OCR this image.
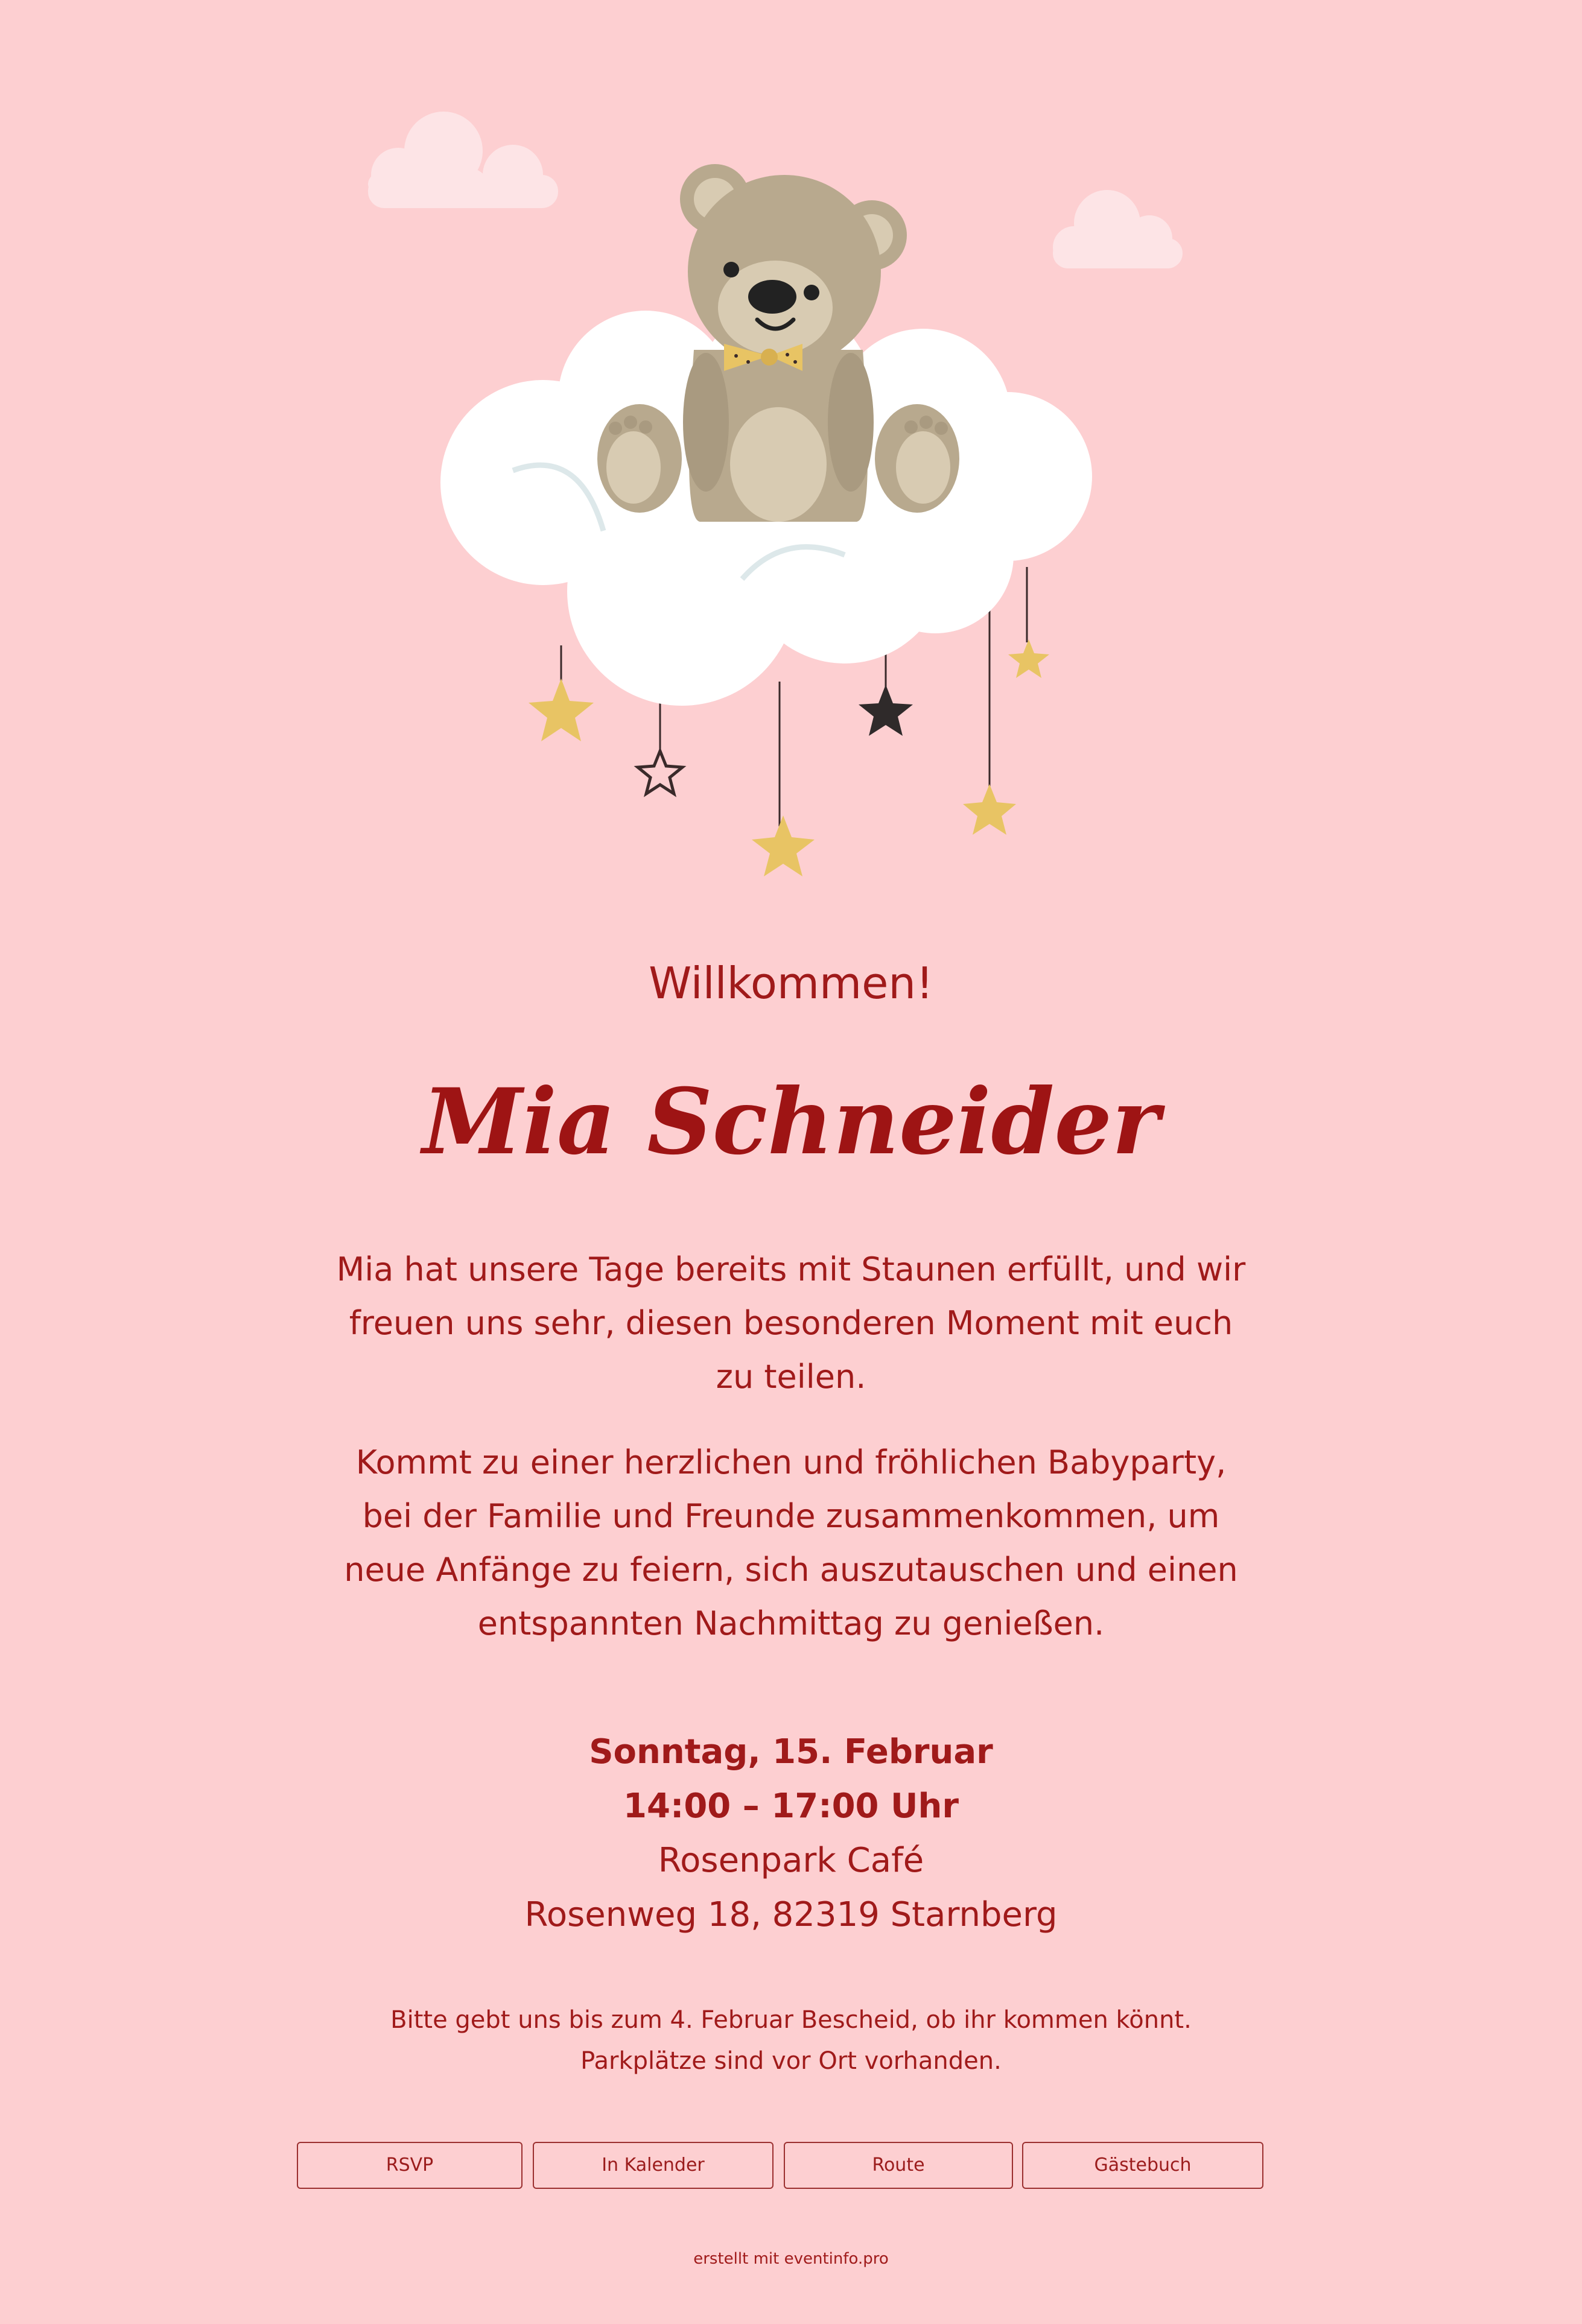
Willkommen!
Mia Schneider
Mia hat unsere Tage bereits mit Staunen erfüllt, und wir freuen uns sehr, diesen besonderen Moment mit euch zu teilen.
Kommt zu einer herzlichen und fröhlichen Babyparty, bei der Familie und Freunde zusammenkommen, um neue Anfänge zu feiern, sich auszutauschen und einen entspannten Nachmittag zu genießen.
Sonntag, 15. Februar
14:00 – 17:00 Uhr
Rosenpark Café
Rosenweg 18, 82319 Starnberg
Bitte gebt uns bis zum 4. Februar Bescheid, ob ihr kommen könnt.
Parkplätze sind vor Ort vorhanden.
RSVP	In Kalender	Route	Gästebuch
erstellt mit eventinfo.pro
